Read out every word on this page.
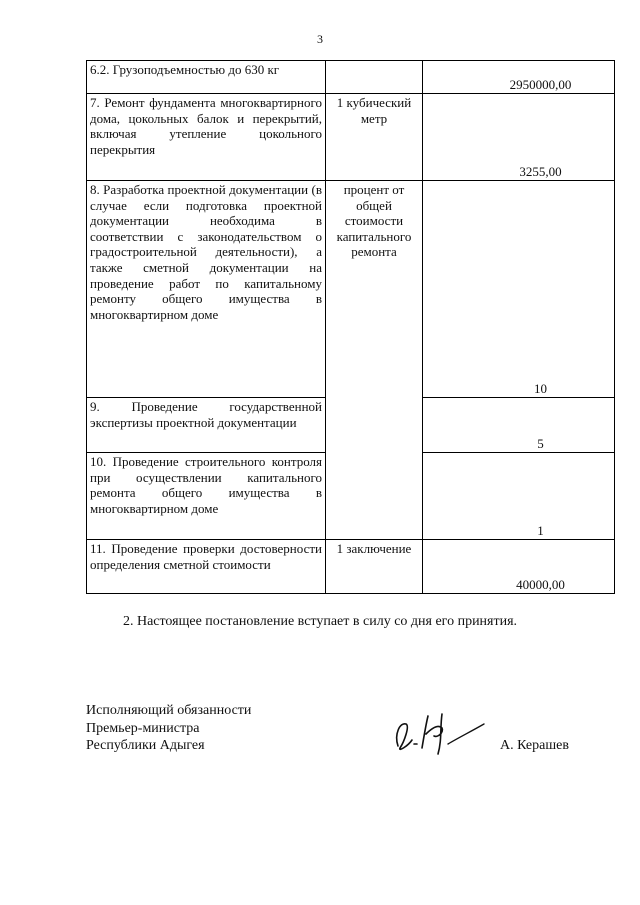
3
6.2. Грузоподъемностью до 630 кг		2950000,00
7. Ремонт фундамента многоквартирного дома, цокольных балок и перекрытий, включая утепление цокольного перекрытия	1 кубический метр	3255,00
8. Разработка проектной документации (в случае если подготовка проектной документации необходима в соответствии с законодательством о градостроительной деятельности), а также сметной документации на проведение работ по капитальному ремонту общего имущества в многоквартирном доме	процент от общей стоимости капитального ремонта	10
9. Проведение государственной экспертизы проектной документации		5
10. Проведение строительного контроля при осуществлении капитального ремонта общего имущества в многоквартирном доме		1
11. Проведение проверки достоверности определения сметной стоимости	1 заключение	40000,00
2. Настоящее постановление вступает в силу со дня его принятия.
Исполняющий обязанности
Премьер-министра
Республики Адыгея	А. Керашев
